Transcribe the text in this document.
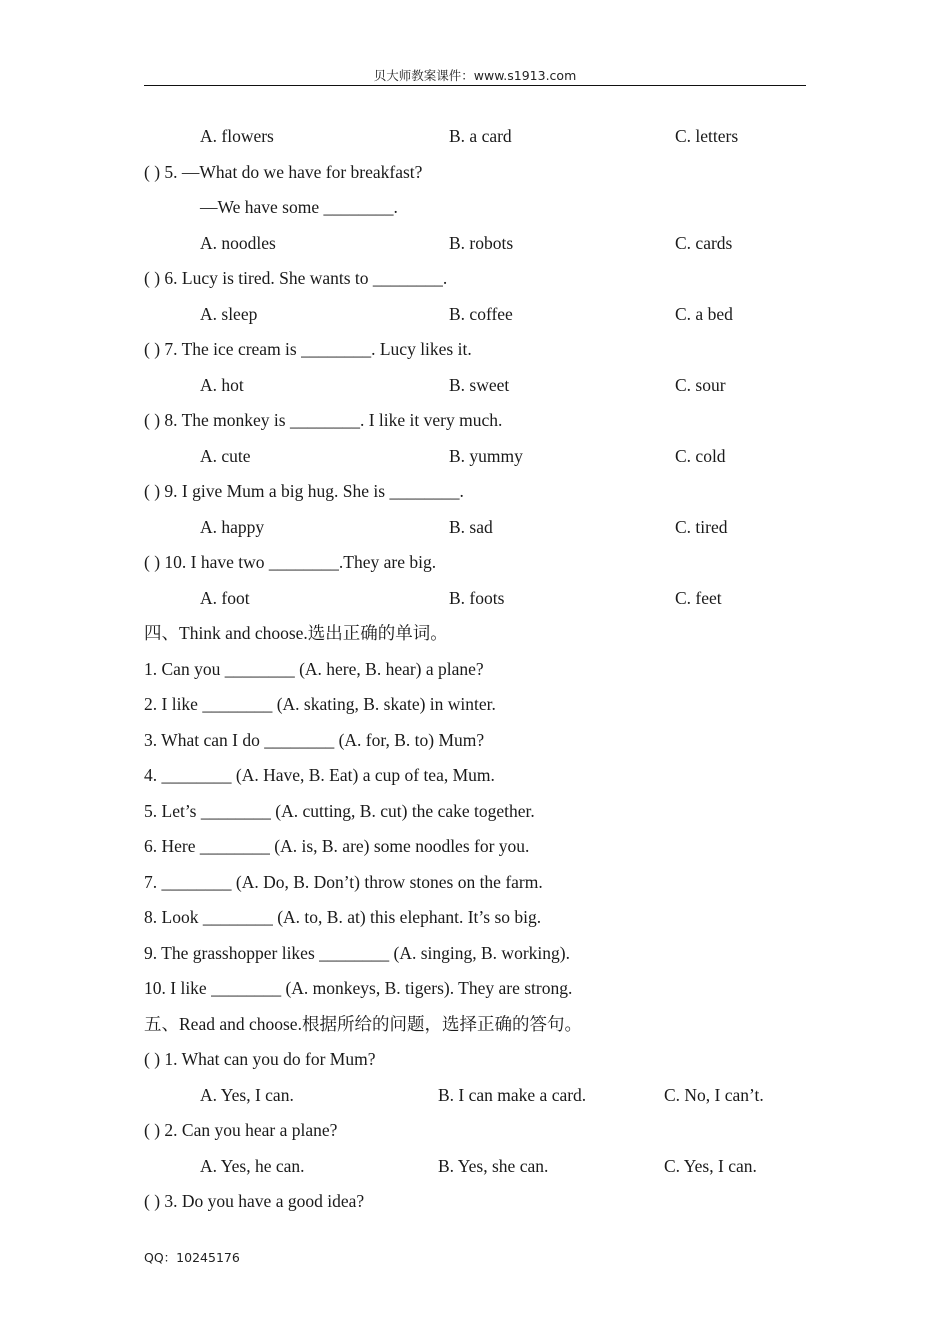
贝大师教案课件：www.s1913.com
A. flowers	B. a card	C. letters
( ) 5. —What do we have for breakfast?
—We have some ________.
A. noodles	B. robots	C. cards
( ) 6. Lucy is tired. She wants to ________.
A. sleep	B. coffee	C. a bed
( ) 7. The ice cream is ________. Lucy likes it.
A. hot	B. sweet	C. sour
( ) 8. The monkey is ________. I like it very much.
A. cute	B. yummy	C. cold
( ) 9. I give Mum a big hug. She is ________.
A. happy	B. sad	C. tired
( ) 10. I have two ________.They are big.
A. foot	B. foots	C. feet
四、Think and choose.选出正确的单词。
1. Can you ________ (A. here, B. hear) a plane?
2. I like ________ (A. skating, B. skate) in winter.
3. What can I do ________ (A. for, B. to) Mum?
4. ________ (A. Have, B. Eat) a cup of tea, Mum.
5. Let’s ________ (A. cutting, B. cut) the cake together.
6. Here ________ (A. is, B. are) some noodles for you.
7. ________ (A. Do, B. Don’t) throw stones on the farm.
8. Look ________ (A. to, B. at) this elephant. It’s so big.
9. The grasshopper likes ________ (A. singing, B. working).
10. I like ________ (A. monkeys, B. tigers). They are strong.
五、Read and choose.根据所给的问题，选择正确的答句。
( ) 1. What can you do for Mum?
A. Yes, I can.	B. I can make a card.	C. No, I can’t.
( ) 2. Can you hear a plane?
A. Yes, he can.	B. Yes, she can.	C. Yes, I can.
( ) 3. Do you have a good idea?
QQ：10245176
